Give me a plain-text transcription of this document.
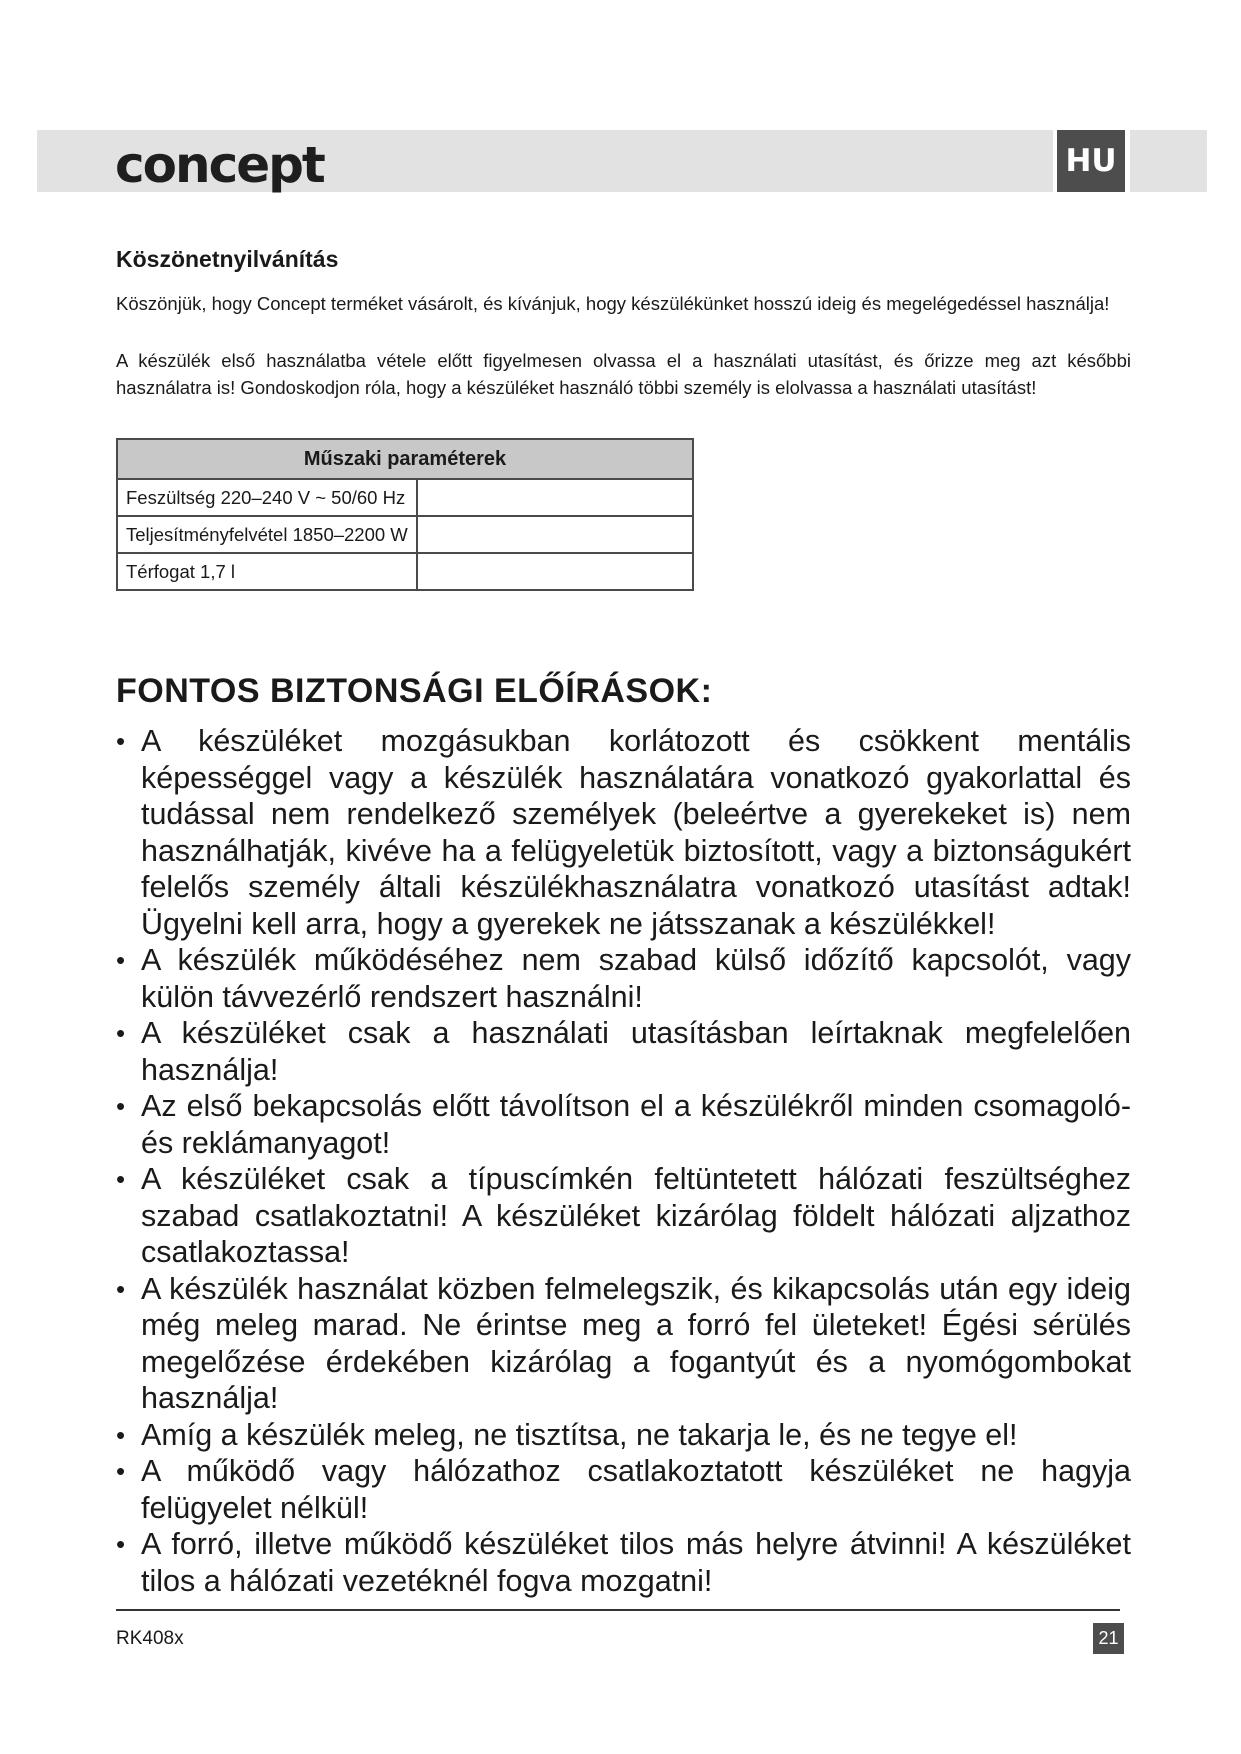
concept	HU
Köszönetnyilvánítás

Köszönjük, hogy Concept terméket vásárolt, és kívánjuk, hogy készülékünket hosszú ideig és megelégedéssel használja!

A készülék első használatba vétele előtt figyelmesen olvassa el a használati utasítást, és őrizze meg azt későbbi használatra is! Gondoskodjon róla, hogy a készüléket használó többi személy is elolvassa a használati utasítást!

Műszaki paraméterek	
Feszültség 220–240 V ~ 50/60 Hz	
Teljesítményfelvétel 1850–2200 W	
Térfogat 1,7 l	
FONTOS BIZTONSÁGI ELŐÍRÁSOK:
• A készüléket mozgásukban korlátozott és csökkent mentális képességgel vagy a készülék használatára vonatkozó gyakorlattal és tudással nem rendelkező személyek (beleértve a gyerekeket is) nem használhatják, kivéve ha a felügyeletük biztosított, vagy a biztonságukért felelős személy általi készülékhasználatra vonatkozó utasítást adtak! Ügyelni kell arra, hogy a gyerekek ne játsszanak a készülékkel!
• A készülék működéséhez nem szabad külső időzítő kapcsolót, vagy külön távvezérlő rendszert használni!
• A készüléket csak a használati utasításban leírtaknak megfelelően használja!
• Az első bekapcsolás előtt távolítson el a készülékről minden csomagoló- és reklámanyagot!
• A készüléket csak a típuscímkén feltüntetett hálózati feszültséghez szabad csatlakoztatni! A készüléket kizárólag földelt hálózati aljzathoz csatlakoztassa!
• A készülék használat közben felmelegszik, és kikapcsolás után egy ideig még meleg marad. Ne érintse meg a forró fel ületeket! Égési sérülés megelőzése érdekében kizárólag a fogantyút és a nyomógombokat használja!
• Amíg a készülék meleg, ne tisztítsa, ne takarja le, és ne tegye el!
• A működő vagy hálózathoz csatlakoztatott készüléket ne hagyja felügyelet nélkül!
• A forró, illetve működő készüléket tilos más helyre átvinni! A készüléket tilos a hálózati vezetéknél fogva mozgatni!
RK408x	21
